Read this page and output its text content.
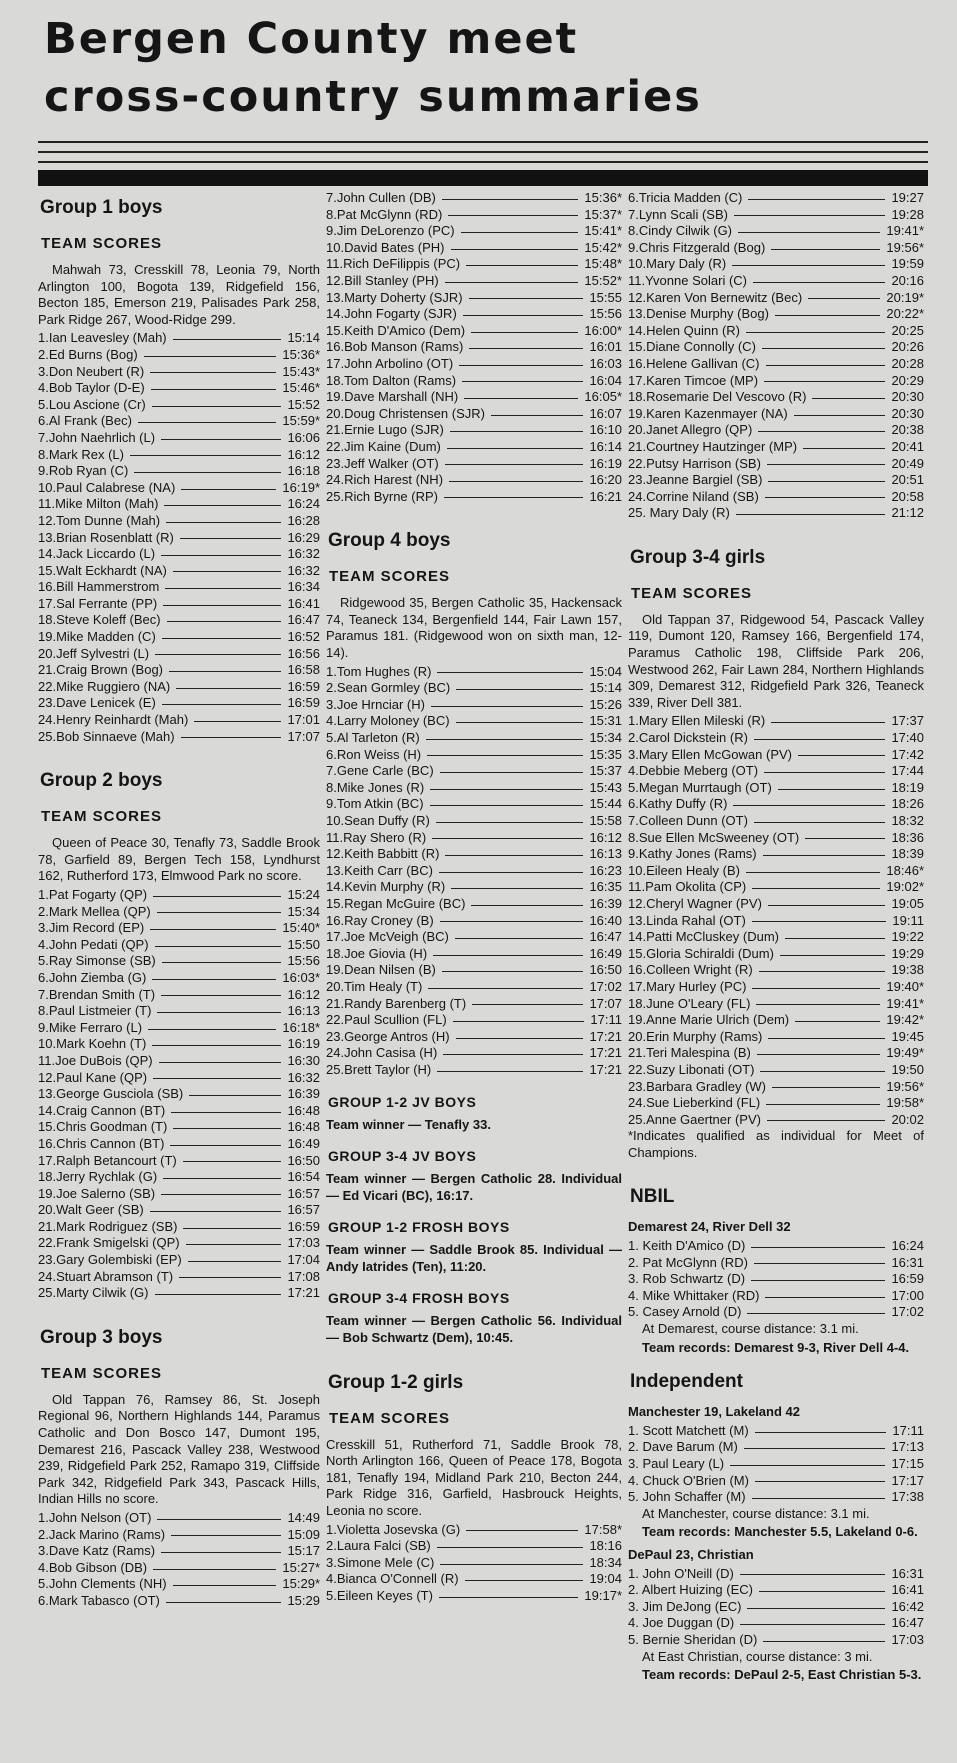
Bergen County meet
cross-country summaries
Group 1 boys
TEAM SCORES
Mahwah 73, Cresskill 78, Leonia 79, North Arlington 100, Bogota 139, Ridgefield 156, Becton 185, Emerson 219, Palisades Park 258, Park Ridge 267, Wood-Ridge 299.
1.Ian Leavesley (Mah)	15:14
2.Ed Burns (Bog)	15:36*
3.Don Neubert (R)	15:43*
4.Bob Taylor (D-E)	15:46*
5.Lou Ascione (Cr)	15:52
6.Al Frank (Bec)	15:59*
7.John Naehrlich (L)	16:06
8.Mark Rex (L)	16:12
9.Rob Ryan (C)	16:18
10.Paul Calabrese (NA)	16:19*
11.Mike Milton (Mah)	16:24
12.Tom Dunne (Mah)	16:28
13.Brian Rosenblatt (R)	16:29
14.Jack Liccardo (L)	16:32
15.Walt Eckhardt (NA)	16:32
16.Bill Hammerstrom	16:34
17.Sal Ferrante (PP)	16:41
18.Steve Koleff (Bec)	16:47
19.Mike Madden (C)	16:52
20.Jeff Sylvestri (L)	16:56
21.Craig Brown (Bog)	16:58
22.Mike Ruggiero (NA)	16:59
23.Dave Lenicek (E)	16:59
24.Henry Reinhardt (Mah)	17:01
25.Bob Sinnaeve (Mah)	17:07
Group 2 boys
TEAM SCORES
Queen of Peace 30, Tenafly 73, Saddle Brook 78, Garfield 89, Bergen Tech 158, Lyndhurst 162, Rutherford 173, Elmwood Park no score.
1.Pat Fogarty (QP)	15:24
2.Mark Mellea (QP)	15:34
3.Jim Record (EP)	15:40*
4.John Pedati (QP)	15:50
5.Ray Simonse (SB)	15:56
6.John Ziemba (G)	16:03*
7.Brendan Smith (T)	16:12
8.Paul Listmeier (T)	16:13
9.Mike Ferraro (L)	16:18*
10.Mark Koehn (T)	16:19
11.Joe DuBois (QP)	16:30
12.Paul Kane (QP)	16:32
13.George Gusciola (SB)	16:39
14.Craig Cannon (BT)	16:48
15.Chris Goodman (T)	16:48
16.Chris Cannon (BT)	16:49
17.Ralph Betancourt (T)	16:50
18.Jerry Rychlak (G)	16:54
19.Joe Salerno (SB)	16:57
20.Walt Geer (SB)	16:57
21.Mark Rodriguez (SB)	16:59
22.Frank Smigelski (QP)	17:03
23.Gary Golembiski (EP)	17:04
24.Stuart Abramson (T)	17:08
25.Marty Cilwik (G)	17:21
Group 3 boys
TEAM SCORES
Old Tappan 76, Ramsey 86, St. Joseph Regional 96, Northern Highlands 144, Paramus Catholic and Don Bosco 147, Dumont 195, Demarest 216, Pascack Valley 238, Westwood 239, Ridgefield Park 252, Ramapo 319, Cliffside Park 342, Ridgefield Park 343, Pascack Hills, Indian Hills no score.
1.John Nelson (OT)	14:49
2.Jack Marino (Rams)	15:09
3.Dave Katz (Rams)	15:17
4.Bob Gibson (DB)	15:27*
5.John Clements (NH)	15:29*
6.Mark Tabasco (OT)	15:29
7.John Cullen (DB)	15:36*
8.Pat McGlynn (RD)	15:37*
9.Jim DeLorenzo (PC)	15:41*
10.David Bates (PH)	15:42*
11.Rich DeFilippis (PC)	15:48*
12.Bill Stanley (PH)	15:52*
13.Marty Doherty (SJR)	15:55
14.John Fogarty (SJR)	15:56
15.Keith D'Amico (Dem)	16:00*
16.Bob Manson (Rams)	16:01
17.John Arbolino (OT)	16:03
18.Tom Dalton (Rams)	16:04
19.Dave Marshall (NH)	16:05*
20.Doug Christensen (SJR)	16:07
21.Ernie Lugo (SJR)	16:10
22.Jim Kaine (Dum)	16:14
23.Jeff Walker (OT)	16:19
24.Rich Harest (NH)	16:20
25.Rich Byrne (RP)	16:21
Group 4 boys
TEAM SCORES
Ridgewood 35, Bergen Catholic 35, Hackensack 74, Teaneck 134, Bergenfield 144, Fair Lawn 157, Paramus 181. (Ridgewood won on sixth man, 12-14).
1.Tom Hughes (R)	15:04
2.Sean Gormley (BC)	15:14
3.Joe Hrnciar (H)	15:26
4.Larry Moloney (BC)	15:31
5.Al Tarleton (R)	15:34
6.Ron Weiss (H)	15:35
7.Gene Carle (BC)	15:37
8.Mike Jones (R)	15:43
9.Tom Atkin (BC)	15:44
10.Sean Duffy (R)	15:58
11.Ray Shero (R)	16:12
12.Keith Babbitt (R)	16:13
13.Keith Carr (BC)	16:23
14.Kevin Murphy (R)	16:35
15.Regan McGuire (BC)	16:39
16.Ray Croney (B)	16:40
17.Joe McVeigh (BC)	16:47
18.Joe Giovia (H)	16:49
19.Dean Nilsen (B)	16:50
20.Tim Healy (T)	17:02
21.Randy Barenberg (T)	17:07
22.Paul Scullion (FL)	17:11
23.George Antros (H)	17:21
24.John Casisa (H)	17:21
25.Brett Taylor (H)	17:21
GROUP 1-2 JV BOYS
Team winner — Tenafly 33.
GROUP 3-4 JV BOYS
Team winner — Bergen Catholic 28. Individual — Ed Vicari (BC), 16:17.
GROUP 1-2 FROSH BOYS
Team winner — Saddle Brook 85. Individual — Andy Iatrides (Ten), 11:20.
GROUP 3-4 FROSH BOYS
Team winner — Bergen Catholic 56. Individual — Bob Schwartz (Dem), 10:45.
Group 1-2 girls
TEAM SCORES
Cresskill 51, Rutherford 71, Saddle Brook 78, North Arlington 166, Queen of Peace 178, Bogota 181, Tenafly 194, Midland Park 210, Becton 244, Park Ridge 316, Garfield, Hasbrouck Heights, Leonia no score.
1.Violetta Josevska (G)	17:58*
2.Laura Falci (SB)	18:16
3.Simone Mele (C)	18:34
4.Bianca O'Connell (R)	19:04
5.Eileen Keyes (T)	19:17*
6.Tricia Madden (C)	19:27
7.Lynn Scali (SB)	19:28
8.Cindy Cilwik (G)	19:41*
9.Chris Fitzgerald (Bog)	19:56*
10.Mary Daly (R)	19:59
11.Yvonne Solari (C)	20:16
12.Karen Von Bernewitz (Bec)	20:19*
13.Denise Murphy (Bog)	20:22*
14.Helen Quinn (R)	20:25
15.Diane Connolly (C)	20:26
16.Helene Gallivan (C)	20:28
17.Karen Timcoe (MP)	20:29
18.Rosemarie Del Vescovo (R)	20:30
19.Karen Kazenmayer (NA)	20:30
20.Janet Allegro (QP)	20:38
21.Courtney Hautzinger (MP)	20:41
22.Putsy Harrison (SB)	20:49
23.Jeanne Bargiel (SB)	20:51
24.Corrine Niland (SB)	20:58
25. Mary Daly (R)	21:12
Group 3-4 girls
TEAM SCORES
Old Tappan 37, Ridgewood 54, Pascack Valley 119, Dumont 120, Ramsey 166, Bergenfield 174, Paramus Catholic 198, Cliffside Park 206, Westwood 262, Fair Lawn 284, Northern Highlands 309, Demarest 312, Ridgefield Park 326, Teaneck 339, River Dell 381.
1.Mary Ellen Mileski (R)	17:37
2.Carol Dickstein (R)	17:40
3.Mary Ellen McGowan (PV)	17:42
4.Debbie Meberg (OT)	17:44
5.Megan Murrtaugh (OT)	18:19
6.Kathy Duffy (R)	18:26
7.Colleen Dunn (OT)	18:32
8.Sue Ellen McSweeney (OT)	18:36
9.Kathy Jones (Rams)	18:39
10.Eileen Healy (B)	18:46*
11.Pam Okolita (CP)	19:02*
12.Cheryl Wagner (PV)	19:05
13.Linda Rahal (OT)	19:11
14.Patti McCluskey (Dum)	19:22
15.Gloria Schiraldi (Dum)	19:29
16.Colleen Wright (R)	19:38
17.Mary Hurley (PC)	19:40*
18.June O'Leary (FL)	19:41*
19.Anne Marie Ulrich (Dem)	19:42*
20.Erin Murphy (Rams)	19:45
21.Teri Malespina (B)	19:49*
22.Suzy Libonati (OT)	19:50
23.Barbara Gradley (W)	19:56*
24.Sue Lieberkind (FL)	19:58*
25.Anne Gaertner (PV)	20:02
*Indicates qualified as individual for Meet of Champions.
NBIL
Demarest 24, River Dell 32
1. Keith D'Amico (D)	16:24
2. Pat McGlynn (RD)	16:31
3. Rob Schwartz (D)	16:59
4. Mike Whittaker (RD)	17:00
5. Casey Arnold (D)	17:02
At Demarest, course distance: 3.1 mi.
Team records: Demarest 9-3, River Dell 4-4.
Independent
Manchester 19, Lakeland 42
1. Scott Matchett (M)	17:11
2. Dave Barum (M)	17:13
3. Paul Leary (L)	17:15
4. Chuck O'Brien (M)	17:17
5. John Schaffer (M)	17:38
At Manchester, course distance: 3.1 mi.
Team records: Manchester 5.5, Lakeland 0-6.
DePaul 23, Christian
1. John O'Neill (D)	16:31
2. Albert Huizing (EC)	16:41
3. Jim DeJong (EC)	16:42
4. Joe Duggan (D)	16:47
5. Bernie Sheridan (D)	17:03
At East Christian, course distance: 3 mi.
Team records: DePaul 2-5, East Christian 5-3.
